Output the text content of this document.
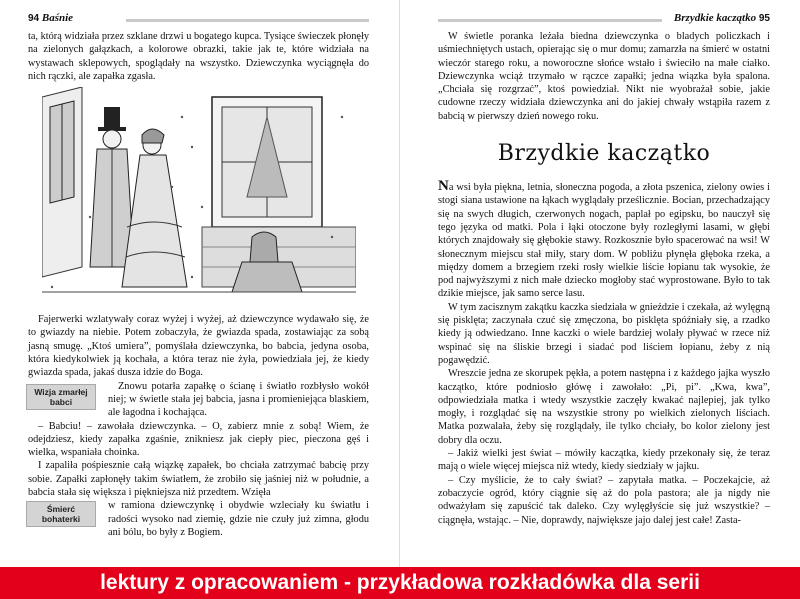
94 Baśnie

ta, którą widziała przez szklane drzwi u bogatego kupca. Tysiące świeczek płonęły na zielonych gałązkach, a kolorowe obrazki, takie jak te, które widziała na wystawach sklepowych, spoglądały na wszystko. Dziewczynka wyciągnęła do nich rączki, ale zapałka zgasła.

Fajerwerki wzlatywały coraz wyżej i wyżej, aż dziewczynce wydawało się, że to gwiazdy na niebie. Potem zobaczyła, że gwiazda spada, zostawiając za sobą jasną smugę. „Ktoś umiera”, pomyślała dziewczynka, bo babcia, jedyna osoba, która kiedykolwiek ją kochała, a która teraz nie żyła, powiedziała jej, że kiedy gwiazda spada, jakaś dusza idzie do Boga.

Wizja zmarłej babci

Znowu potarła zapałkę o ścianę i światło rozbłysło wokół niej; w świetle stała jej babcia, jasna i promieniejąca blaskiem, ale łagodna i kochająca.

– Babciu! – zawołała dziewczynka. – O, zabierz mnie z sobą! Wiem, że odejdziesz, kiedy zapałka zgaśnie, znikniesz jak ciepły piec, pieczona gęś i wielka, wspaniała choinka.

I zapaliła pośpiesznie całą wiązkę zapałek, bo chciała zatrzymać babcię przy sobie. Zapałki zapłonęły takim światłem, że zrobiło się jaśniej niż w południe, a babcia stała się większa i piękniejsza niż przedtem. Wzięła

Śmierć bohaterki

w ramiona dziewczynkę i obydwie wzleciały ku światłu i radości wysoko nad ziemię, gdzie nie czuły już zimna, głodu ani bólu, bo były z Bogiem.

Brzydkie kaczątko 95

W świetle poranka leżała biedna dziewczynka o bladych policzkach i uśmiechniętych ustach, opierając się o mur domu; zamarzła na śmierć w ostatni wieczór starego roku, a noworoczne słońce wstało i świeciło na małe ciałko. Dziewczynka wciąż trzymało w rączce zapałki; jedna wiązka była spalona. „Chciała się rozgrzać”, ktoś powiedział. Nikt nie wyobrażał sobie, jakie cudowne rzeczy widziała dziewczynka ani do jakiej chwały wstąpiła razem z babcią w pierwszy dzień nowego roku.

Brzydkie kaczątko

Na wsi była piękna, letnia, słoneczna pogoda, a złota pszenica, zielony owies i stogi siana ustawione na łąkach wyglądały prześlicznie. Bocian, przechadzający się na swych długich, czerwonych nogach, paplał po egipsku, bo nauczył się tego języka od matki. Pola i łąki otoczone były rozległymi lasami, w głębi których znajdowały się głębokie stawy. Rozkosznie było spacerować na wsi! W słonecznym miejscu stał miły, stary dom. W pobliżu płynęła głęboka rzeka, a między domem a brzegiem rzeki rosły wielkie liście łopianu tak wysokie, że pod najwyższymi z nich małe dziecko mogłoby stać wyprostowane. Było to tak dzikie miejsce, jak samo serce lasu.

W tym zacisznym zakątku kaczka siedziała w gnieździe i czekała, aż wylęgną się pisklęta; zaczynała czuć się zmęczona, bo pisklęta spóźniały się, a rzadko kiedy ją odwiedzano. Inne kaczki o wiele bardziej wolały pływać w rzece niż wspinać się na śliskie brzegi i siadać pod liściem łopianu, żeby z nią pogawędzić.

Wreszcie jedna ze skorupek pękła, a potem następna i z każdego jajka wyszło kaczątko, które podniosło główę i zawołało: „Pi, pi”. „Kwa, kwa”, odpowiedziała matka i wtedy wszystkie zaczęły kwakać najlepiej, jak tylko mogły, i rozglądać się na wszystkie strony po wielkich zielonych liściach. Matka pozwalała, żeby się rozglądały, ile tylko chciały, bo kolor zielony jest dobry dla oczu.

– Jakiż wielki jest świat – mówiły kaczątka, kiedy przekonały się, że teraz mają o wiele więcej miejsca niż wtedy, kiedy siedziały w jajku.

– Czy myślicie, że to cały świat? – zapytała matka. – Poczekajcie, aż zobaczycie ogród, który ciągnie się aż do pola pastora; ale ja nigdy nie odważyłam się zapuścić tak daleko. Czy wylęgłyście się już wszystkie? – ciągnęła, wstając. – Nie, doprawdy, największe jajo dalej jest całe! Zasta-

lektury z opracowaniem - przykładowa rozkładówka dla serii
